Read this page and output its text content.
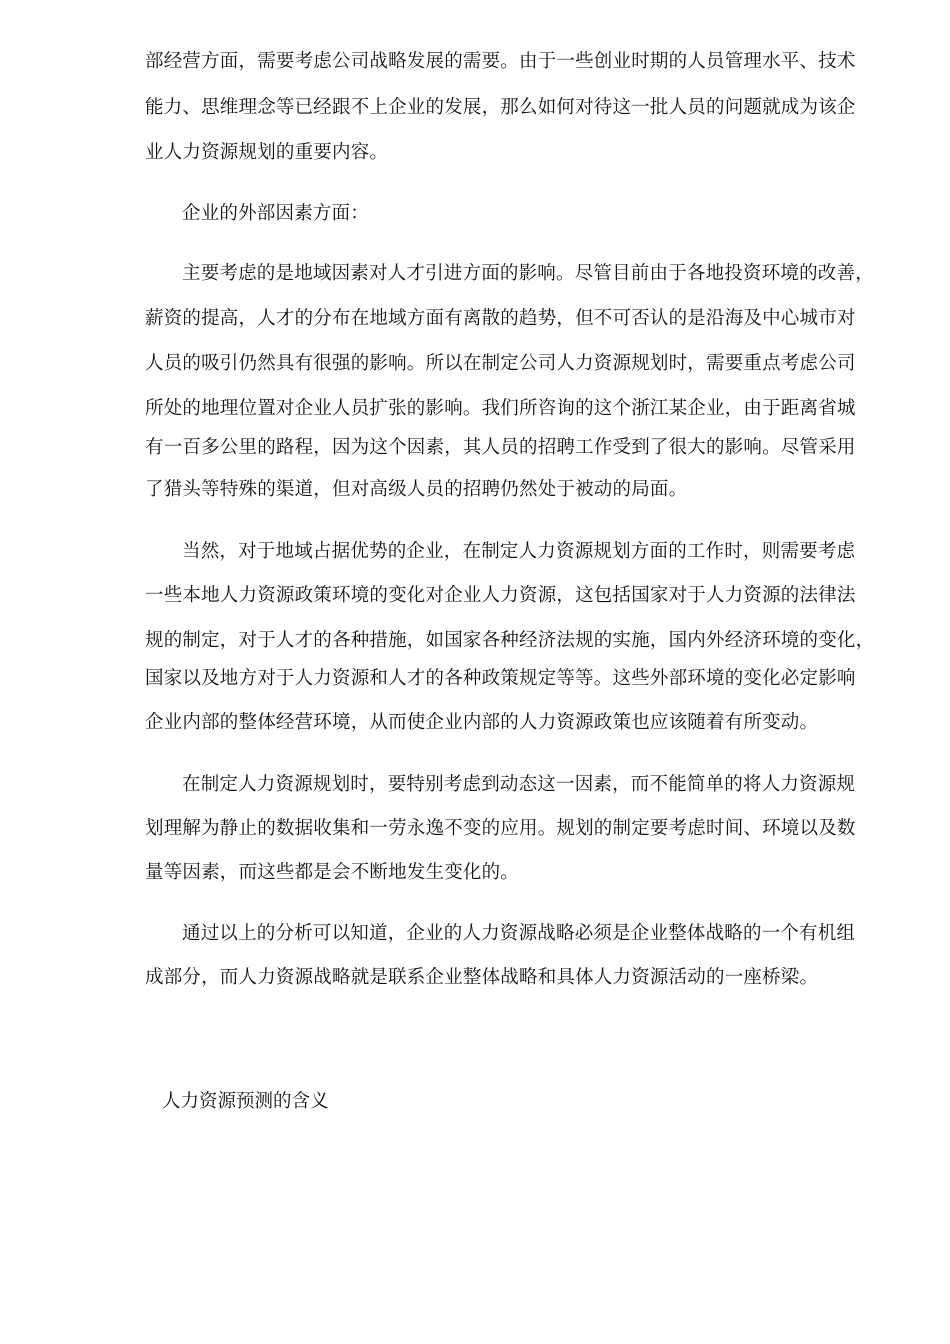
部经营方面，需要考虑公司战略发展的需要。由于一些创业时期的人员管理水平、技术
能力、思维理念等已经跟不上企业的发展，那么如何对待这一批人员的问题就成为该企
业人力资源规划的重要内容。
企业的外部因素方面：
主要考虑的是地域因素对人才引进方面的影响。尽管目前由于各地投资环境的改善，
薪资的提高，人才的分布在地域方面有离散的趋势，但不可否认的是沿海及中心城市对
人员的吸引仍然具有很强的影响。所以在制定公司人力资源规划时，需要重点考虑公司
所处的地理位置对企业人员扩张的影响。我们所咨询的这个浙江某企业，由于距离省城
有一百多公里的路程，因为这个因素，其人员的招聘工作受到了很大的影响。尽管采用
了猎头等特殊的渠道，但对高级人员的招聘仍然处于被动的局面。
当然，对于地域占据优势的企业，在制定人力资源规划方面的工作时，则需要考虑
一些本地人力资源政策环境的变化对企业人力资源，这包括国家对于人力资源的法律法
规的制定，对于人才的各种措施，如国家各种经济法规的实施，国内外经济环境的变化，
国家以及地方对于人力资源和人才的各种政策规定等等。这些外部环境的变化必定影响
企业内部的整体经营环境，从而使企业内部的人力资源政策也应该随着有所变动。
在制定人力资源规划时，要特别考虑到动态这一因素，而不能简单的将人力资源规
划理解为静止的数据收集和一劳永逸不变的应用。规划的制定要考虑时间、环境以及数
量等因素，而这些都是会不断地发生变化的。
通过以上的分析可以知道，企业的人力资源战略必须是企业整体战略的一个有机组
成部分，而人力资源战略就是联系企业整体战略和具体人力资源活动的一座桥梁。
人力资源预测的含义
